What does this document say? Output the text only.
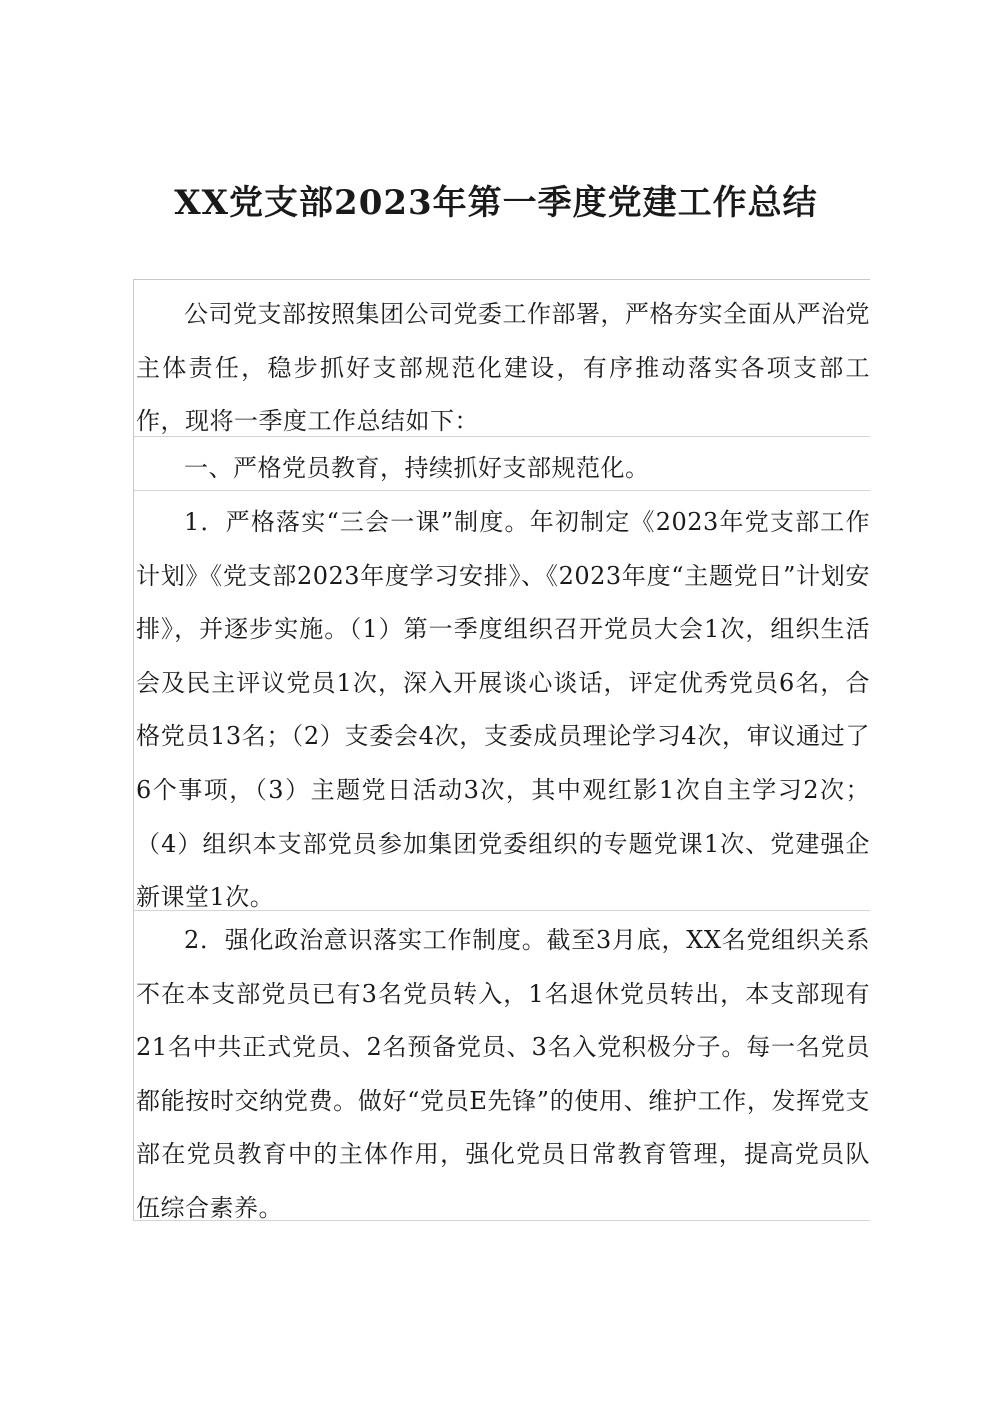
XX党支部2023年第一季度党建工作总结

公司党支部按照集团公司党委工作部署，严格夯实全面从严治党主体责任，稳步抓好支部规范化建设，有序推动落实各项支部工作，现将一季度工作总结如下：

一、严格党员教育，持续抓好支部规范化。

1．严格落实“三会一课”制度。年初制定《2023年党支部工作计划》《党支部2023年度学习安排》、《2023年度“主题党日”计划安排》，并逐步实施。（1）第一季度组织召开党员大会1次，组织生活会及民主评议党员1次，深入开展谈心谈话，评定优秀党员6名，合格党员13名；（2）支委会4次，支委成员理论学习4次，审议通过了6个事项，（3）主题党日活动3次，其中观红影1次自主学习2次；（4）组织本支部党员参加集团党委组织的专题党课1次、党建强企新课堂1次。

2．强化政治意识落实工作制度。截至3月底，XX名党组织关系不在本支部党员已有3名党员转入，1名退休党员转出，本支部现有21名中共正式党员、2名预备党员、3名入党积极分子。每一名党员都能按时交纳党费。做好“党员E先锋”的使用、维护工作，发挥党支部在党员教育中的主体作用，强化党员日常教育管理，提高党员队伍综合素养。
